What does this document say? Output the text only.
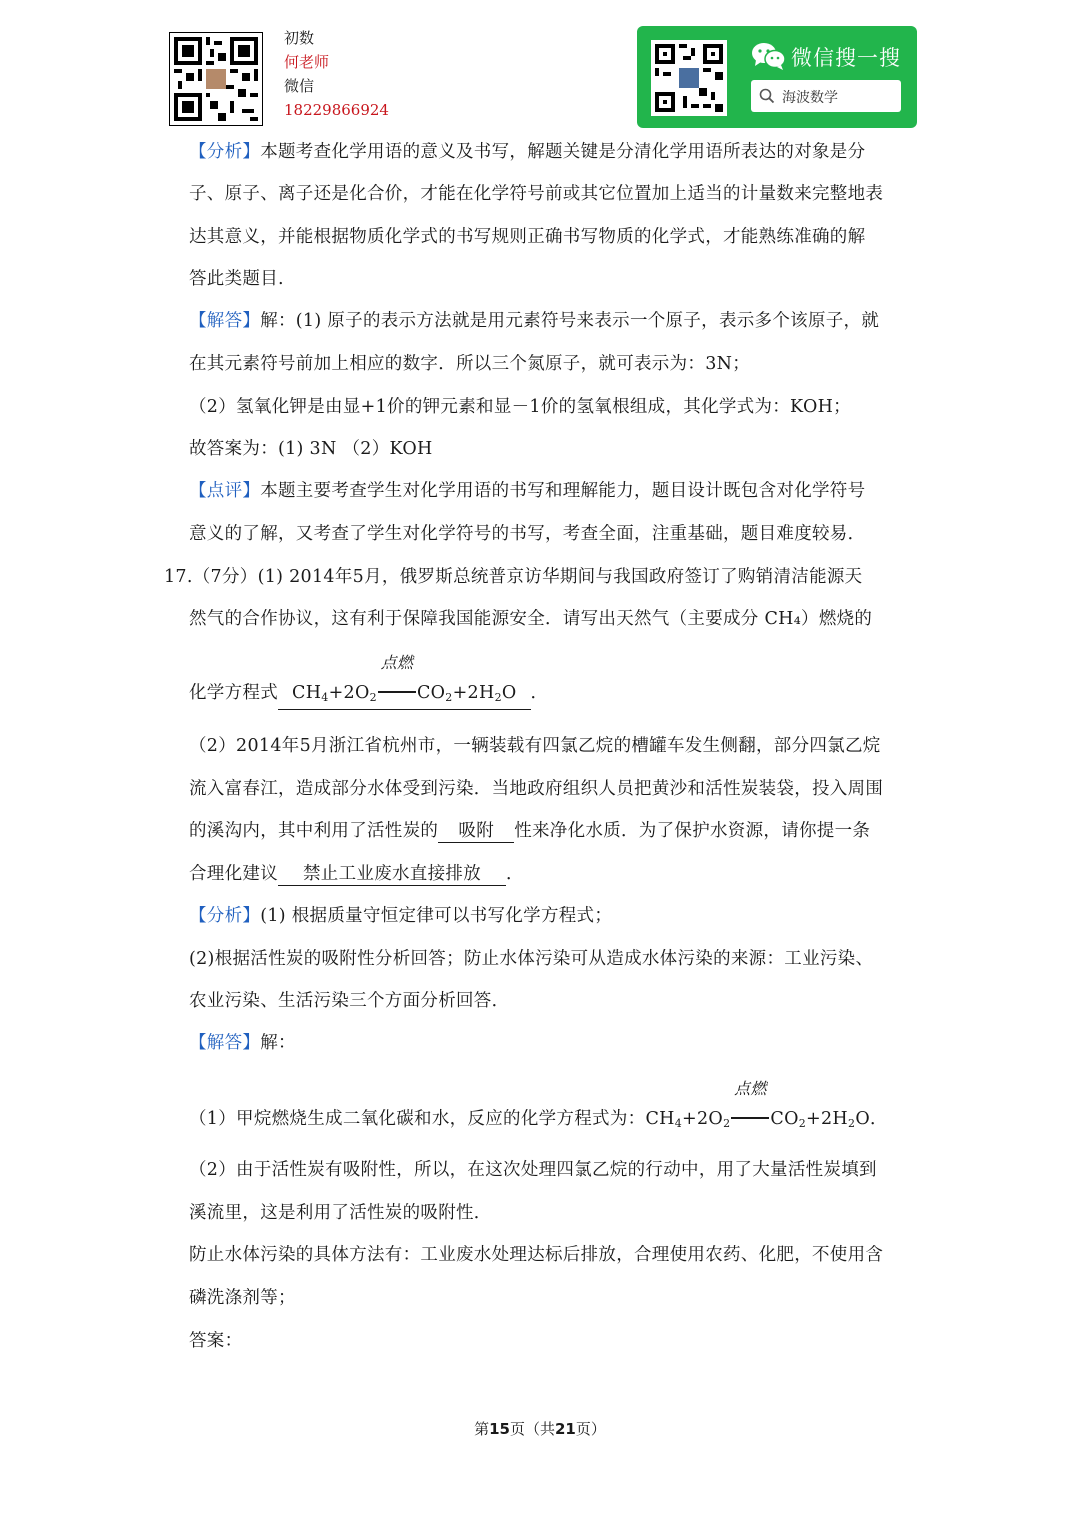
初数
何老师
微信
18229866924
微信搜一搜
海波数学
【分析】本题考查化学用语的意义及书写，解题关键是分清化学用语所表达的对象是分
子、原子、离子还是化合价，才能在化学符号前或其它位置加上适当的计量数来完整地表
达其意义，并能根据物质化学式的书写规则正确书写物质的化学式，才能熟练准确的解
答此类题目.
【解答】解：(1) 原子的表示方法就是用元素符号来表示一个原子，表示多个该原子，就
在其元素符号前加上相应的数字．所以三个氮原子，就可表示为：3N；
（2）氢氧化钾是由显+1价的钾元素和显－1价的氢氧根组成，其化学式为：KOH；
故答案为：(1) 3N （2）KOH
【点评】本题主要考查学生对化学用语的书写和理解能力，题目设计既包含对化学符号
意义的了解，又考查了学生对化学符号的书写，考查全面，注重基础，题目难度较易．
17.（7分）(1) 2014年5月，俄罗斯总统普京访华期间与我国政府签订了购销清洁能源天
然气的合作协议，这有利于保障我国能源安全．请写出天然气（主要成分 CH₄）燃烧的
化学方程式 $CH_4+2O_2$
点燃
$CO_2+2H_2O$ ．
（2）2014年5月浙江省杭州市，一辆装载有四氯乙烷的槽罐车发生侧翻，部分四氯乙烷
流入富春江，造成部分水体受到污染．当地政府组织人员把黄沙和活性炭装袋，投入周围
的溪沟内，其中利用了活性炭的 吸附 性来净化水质．为了保护水资源，请你提一条
合理化建议 禁止工业废水直接排放 ．
【分析】(1) 根据质量守恒定律可以书写化学方程式；
(2)根据活性炭的吸附性分析回答；防止水体污染可从造成水体污染的来源：工业污染、
农业污染、生活污染三个方面分析回答．
【解答】解：
（1）甲烷燃烧生成二氧化碳和水，反应的化学方程式为：$CH_4+2O_2$
点燃
$CO_2+2H_2O$．
（2）由于活性炭有吸附性，所以，在这次处理四氯乙烷的行动中，用了大量活性炭填到
溪流里，这是利用了活性炭的吸附性．
防止水体污染的具体方法有：工业废水处理达标后排放，合理使用农药、化肥，不使用含
磷洗涤剂等；
答案：
第15页（共21页）
